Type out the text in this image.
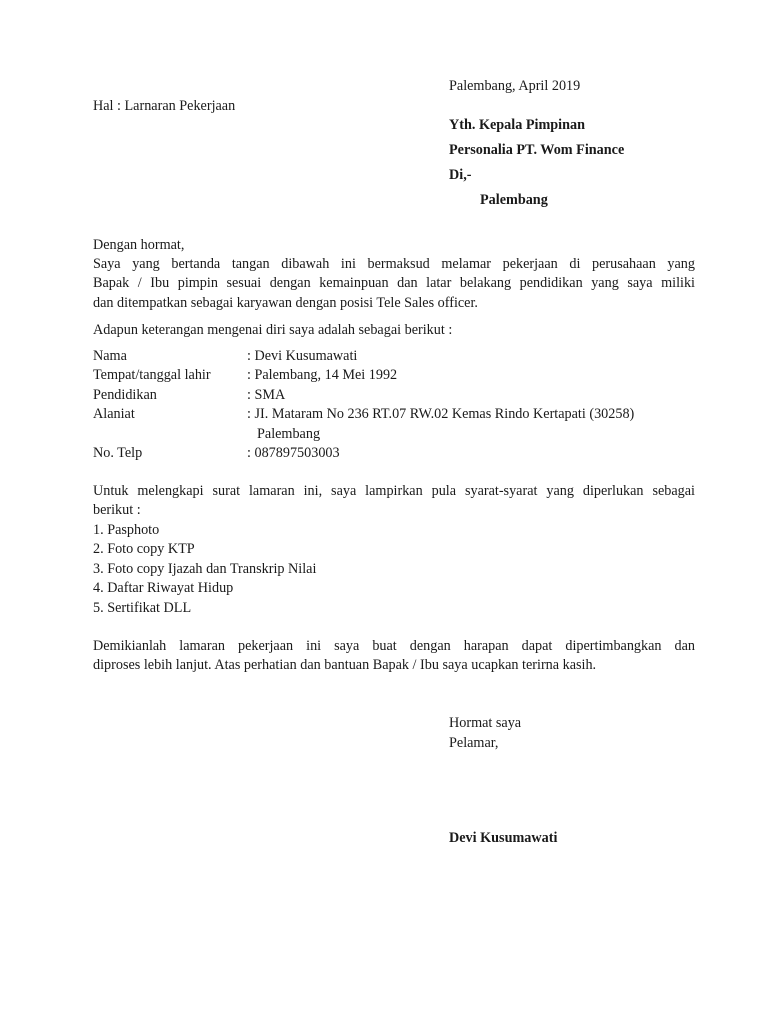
Palembang, April 2019
Hal : Larnaran Pekerjaan
Yth. Kepala Pimpinan
Personalia PT. Wom Finance
Di,-
Palembang
Dengan hormat,
Saya yang bertanda tangan dibawah ini bermaksud melamar pekerjaan di perusahaan yang
Bapak / Ibu pimpin sesuai dengan kemainpuan dan latar belakang pendidikan yang saya miliki
dan ditempatkan sebagai karyawan dengan posisi Tele Sales officer.
Adapun keterangan mengenai diri saya adalah sebagai berikut :
Nama	: Devi Kusumawati
Tempat/tanggal lahir	: Palembang, 14 Mei 1992
Pendidikan	: SMA
Alaniat	: JI. Mataram No 236 RT.07 RW.02 Kemas Rindo Kertapati (30258)
Palembang
No. Telp	: 087897503003
Untuk melengkapi surat lamaran ini, saya lampirkan pula syarat-syarat yang diperlukan sebagai
berikut :
1. Pasphoto
2. Foto copy KTP
3. Foto copy Ijazah dan Transkrip Nilai
4. Daftar Riwayat Hidup
5. Sertifikat DLL
Demikianlah lamaran pekerjaan ini saya buat dengan harapan dapat dipertimbangkan dan
diproses lebih lanjut. Atas perhatian dan bantuan Bapak / Ibu saya ucapkan terirna kasih.
Hormat saya
Pelamar,
Devi Kusumawati
